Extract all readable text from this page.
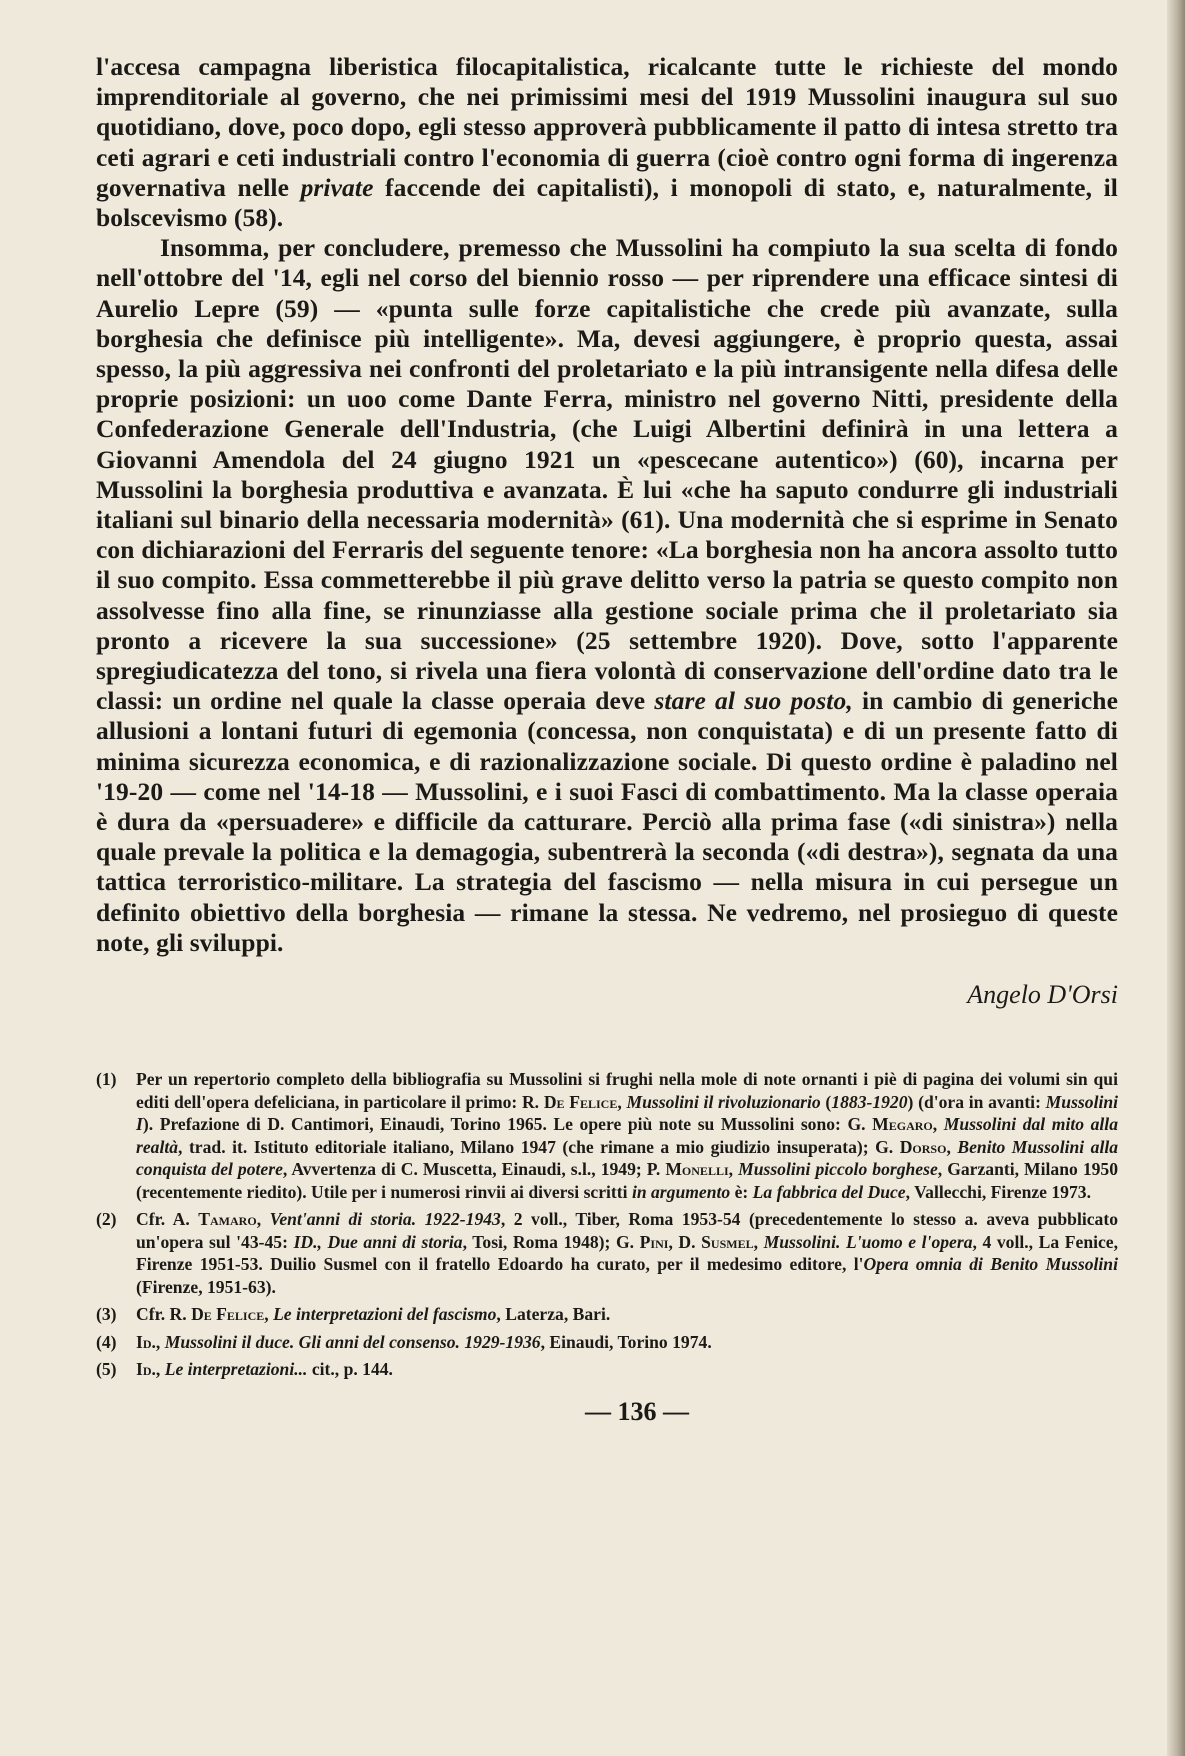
l'accesa campagna liberistica filocapitalistica, ricalcante tutte le richieste del mondo imprenditoriale al governo, che nei primissimi mesi del 1919 Mussolini inaugura sul suo quotidiano, dove, poco dopo, egli stesso approverà pubblicamente il patto di intesa stretto tra ceti agrari e ceti industriali contro l'economia di guerra (cioè contro ogni forma di ingerenza governativa nelle private faccende dei capitalisti), i monopoli di stato, e, naturalmente, il bolscevismo (58).

Insomma, per concludere, premesso che Mussolini ha compiuto la sua scelta di fondo nell'ottobre del '14, egli nel corso del biennio rosso — per riprendere una efficace sintesi di Aurelio Lepre (59) — «punta sulle forze capitalistiche che crede più avanzate, sulla borghesia che definisce più intelligente». Ma, devesi aggiungere, è proprio questa, assai spesso, la più aggressiva nei confronti del proletariato e la più intransigente nella difesa delle proprie posizioni: un uoo come Dante Ferra, ministro nel governo Nitti, presidente della Confederazione Generale dell'Industria, (che Luigi Albertini definirà in una lettera a Giovanni Amendola del 24 giugno 1921 un «pescecane autentico») (60), incarna per Mussolini la borghesia produttiva e avanzata. È lui «che ha saputo condurre gli industriali italiani sul binario della necessaria modernità» (61). Una modernità che si esprime in Senato con dichiarazioni del Ferraris del seguente tenore: «La borghesia non ha ancora assolto tutto il suo compito. Essa commetterebbe il più grave delitto verso la patria se questo compito non assolvesse fino alla fine, se rinunziasse alla gestione sociale prima che il proletariato sia pronto a ricevere la sua successione» (25 settembre 1920). Dove, sotto l'apparente spregiudicatezza del tono, si rivela una fiera volontà di conservazione dell'ordine dato tra le classi: un ordine nel quale la classe operaia deve stare al suo posto, in cambio di generiche allusioni a lontani futuri di egemonia (concessa, non conquistata) e di un presente fatto di minima sicurezza economica, e di razionalizzazione sociale. Di questo ordine è paladino nel '19-20 — come nel '14-18 — Mussolini, e i suoi Fasci di combattimento. Ma la classe operaia è dura da «persuadere» e difficile da catturare. Perciò alla prima fase («di sinistra») nella quale prevale la politica e la demagogia, subentrerà la seconda («di destra»), segnata da una tattica terroristico-militare. La strategia del fascismo — nella misura in cui persegue un definito obiettivo della borghesia — rimane la stessa. Ne vedremo, nel prosieguo di queste note, gli sviluppi.

Angelo D'Orsi
(1) Per un repertorio completo della bibliografia su Mussolini si frughi nella mole di note ornanti i piè di pagina dei volumi sin qui editi dell'opera defeliciana, in particolare il primo: R. De Felice, Mussolini il rivoluzionario (1883-1920) (d'ora in avanti: Mussolini I). Prefazione di D. Cantimori, Einaudi, Torino 1965. Le opere più note su Mussolini sono: G. Megaro, Mussolini dal mito alla realtà, trad. it. Istituto editoriale italiano, Milano 1947 (che rimane a mio giudizio insuperata); G. Dorso, Benito Mussolini alla conquista del potere, Avvertenza di C. Muscetta, Einaudi, s.l., 1949; P. Monelli, Mussolini piccolo borghese, Garzanti, Milano 1950 (recentemente riedito). Utile per i numerosi rinvii ai diversi scritti in argumento è: La fabbrica del Duce, Vallecchi, Firenze 1973.
(2) Cfr. A. Tamaro, Vent'anni di storia. 1922-1943, 2 voll., Tiber, Roma 1953-54 (precedentemente lo stesso a. aveva pubblicato un'opera sul '43-45: ID., Due anni di storia, Tosi, Roma 1948); G. Pini, D. Susmel, Mussolini. L'uomo e l'opera, 4 voll., La Fenice, Firenze 1951-53. Duilio Susmel con il fratello Edoardo ha curato, per il medesimo editore, l'Opera omnia di Benito Mussolini (Firenze, 1951-63).
(3) Cfr. R. De Felice, Le interpretazioni del fascismo, Laterza, Bari.
(4) Id., Mussolini il duce. Gli anni del consenso. 1929-1936, Einaudi, Torino 1974.
(5) Id., Le interpretazioni... cit., p. 144.
— 136 —
